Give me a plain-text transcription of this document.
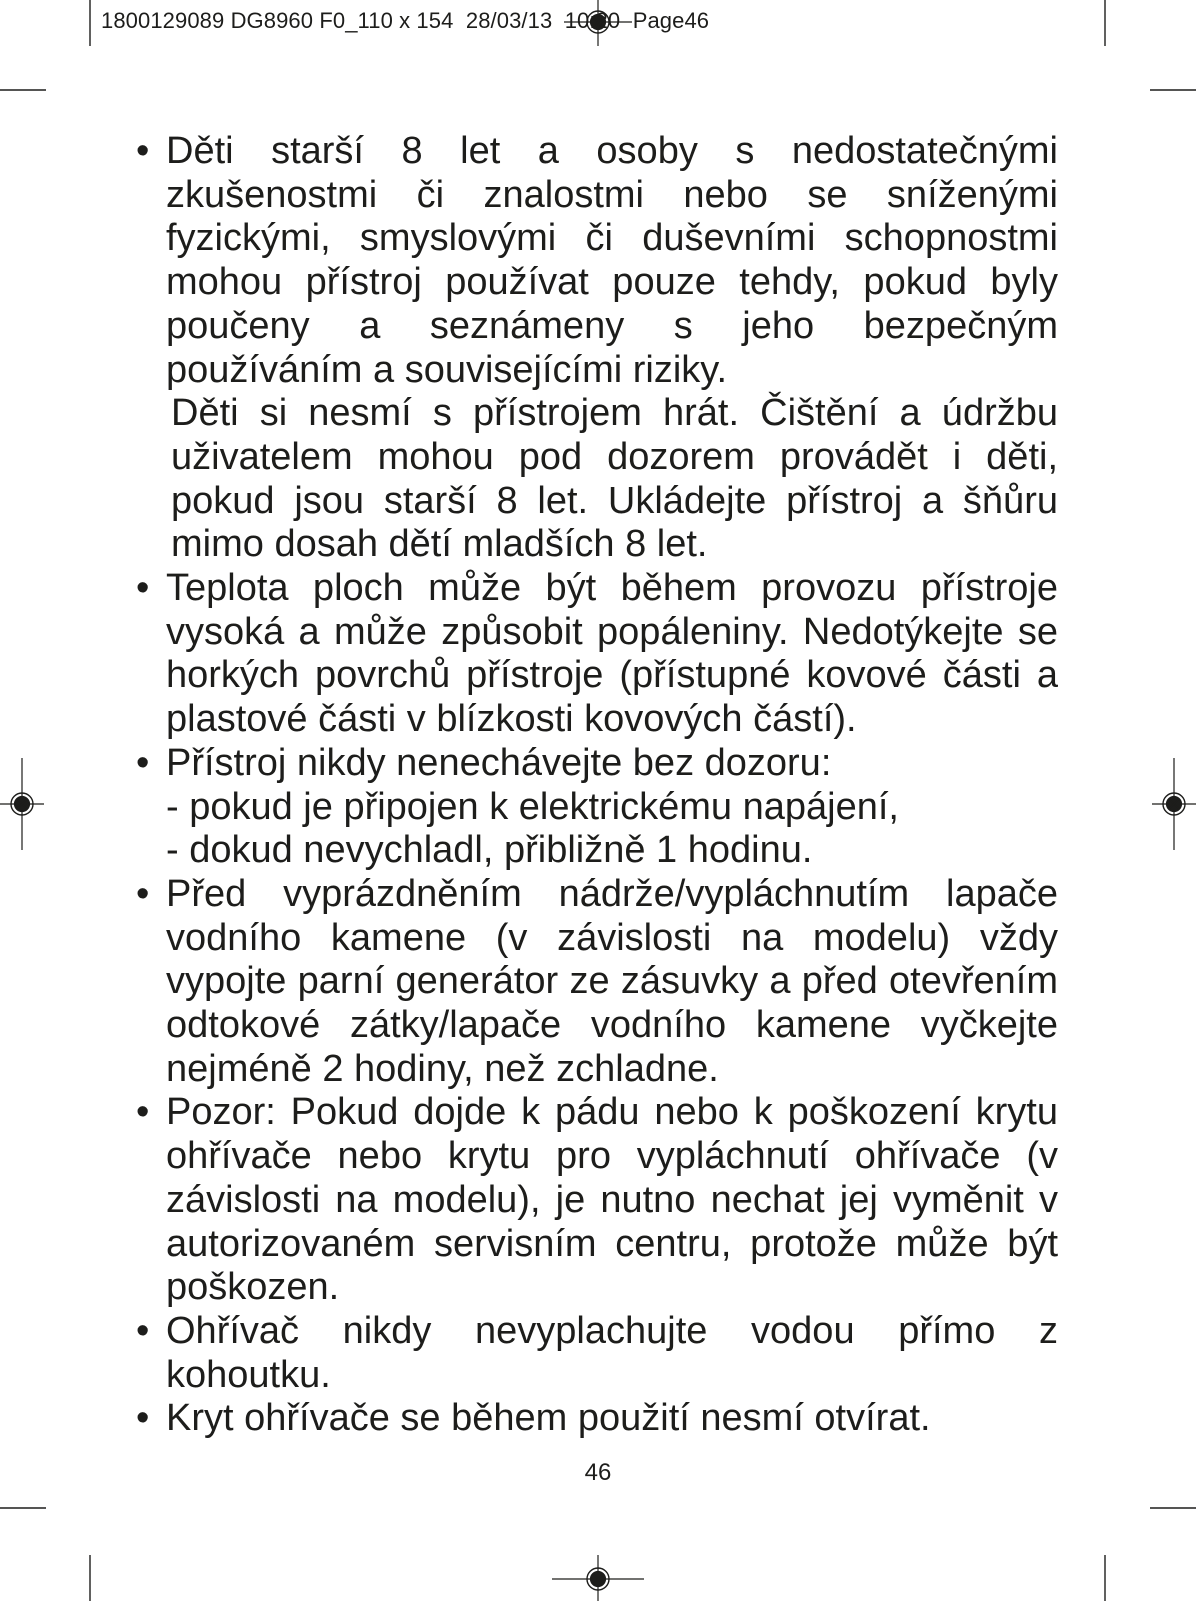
1800129089 DG8960 F0_110 x 154  28/03/13  10:20  Page46
• Děti starší 8 let a osoby s nedostatečnými zkušenostmi či znalostmi nebo se sníženými fyzickými, smyslovými či duševními schopnostmi mohou přístroj používat pouze tehdy, pokud byly poučeny a seznámeny s jeho bezpečným používáním a souvisejícími riziky.

Děti si nesmí s přístrojem hrát. Čištění a údržbu uživatelem mohou pod dozorem provádět i děti, pokud jsou starší 8 let. Ukládejte přístroj a šňůru mimo dosah dětí mladších 8 let.

• Teplota ploch může být během provozu přístroje vysoká a může způsobit popáleniny. Nedotýkejte se horkých povrchů přístroje (přístupné kovové části a plastové části v blízkosti kovových částí).

• Přístroj nikdy nenechávejte bez dozoru:

- pokud je připojen k elektrickému napájení,

- dokud nevychladl, přibližně 1 hodinu.

• Před vyprázdněním nádrže/vypláchnutím lapače vodního kamene (v závislosti na modelu) vždy vypojte parní generátor ze zásuvky a před otevřením odtokové zátky/lapače vodního kamene vyčkejte nejméně 2 hodiny, než zchladne.

• Pozor: Pokud dojde k pádu nebo k poškození krytu ohřívače nebo krytu pro vypláchnutí ohřívače (v závislosti na modelu), je nutno nechat jej vyměnit v autorizovaném servisním centru, protože může být poškozen.

• Ohřívač nikdy nevyplachujte vodou přímo z kohoutku.

• Kryt ohřívače se během použití nesmí otvírat.

46
